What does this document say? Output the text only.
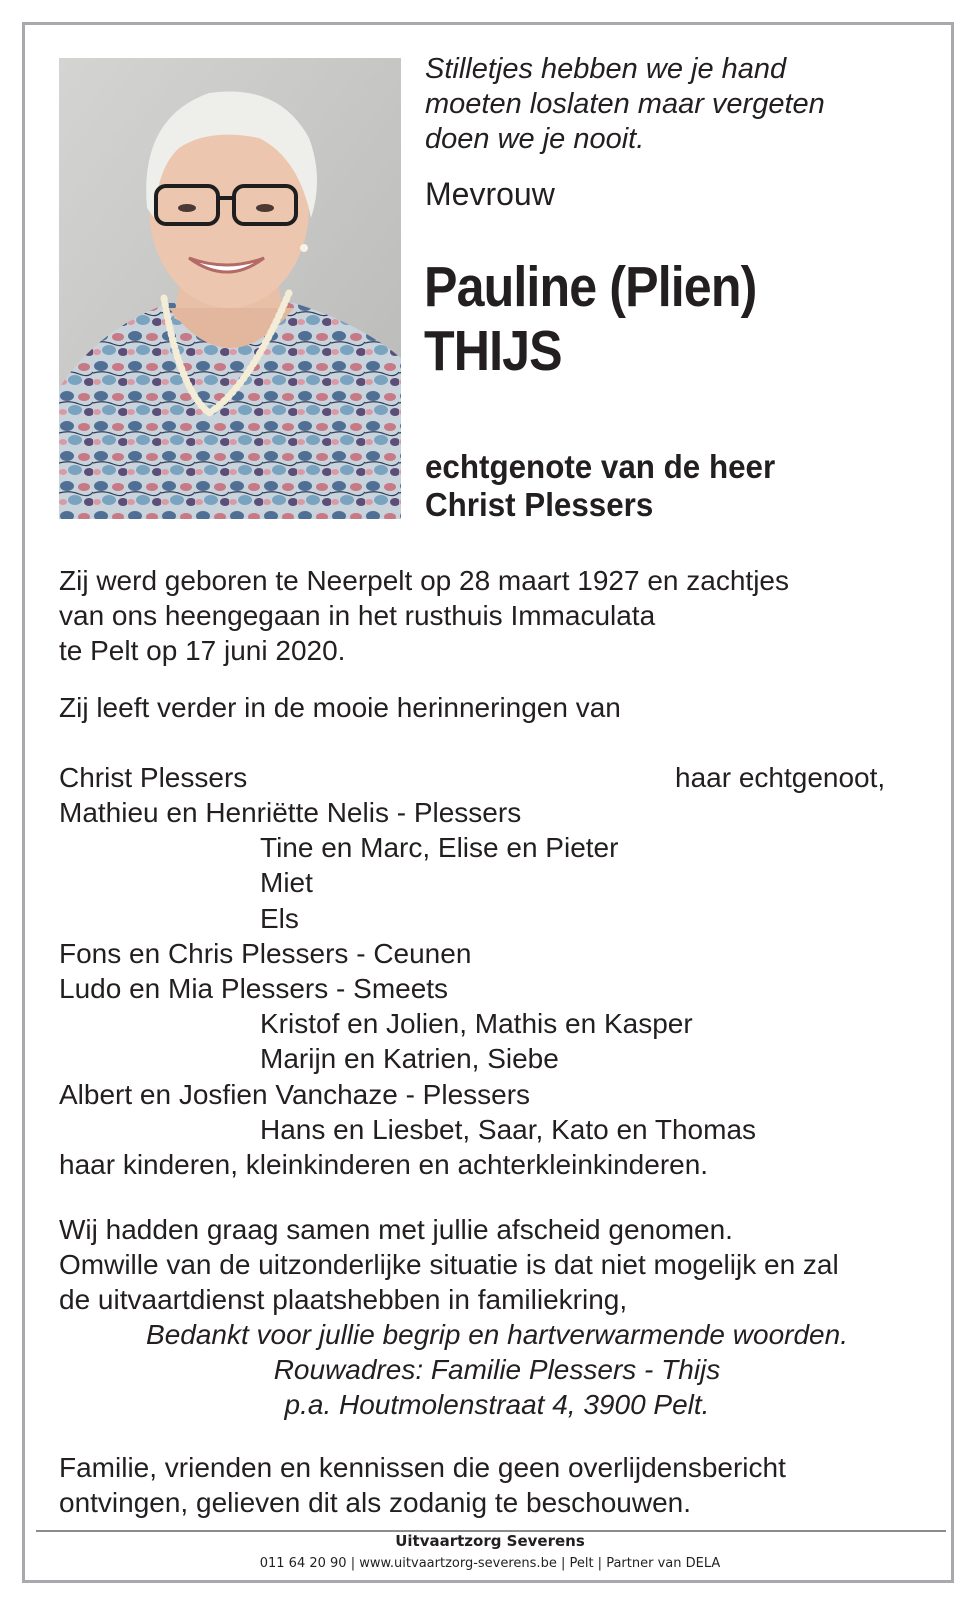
Stilletjes hebben we je hand
moeten loslaten maar vergeten
doen we je nooit.
Mevrouw
Pauline (Plien)
THIJS
echtgenote van de heer
Christ Plessers
Zij werd geboren te Neerpelt op 28 maart 1927 en zachtjes
van ons heengegaan in het rusthuis Immaculata
te Pelt op 17 juni 2020.
Zij leeft verder in de mooie herinneringen van
Christ Plessers	haar echtgenoot,
Mathieu en Henriëtte Nelis - Plessers
Tine en Marc, Elise en Pieter
Miet
Els
Fons en Chris Plessers - Ceunen
Ludo en Mia Plessers - Smeets
Kristof en Jolien, Mathis en Kasper
Marijn en Katrien, Siebe
Albert en Josfien Vanchaze - Plessers
Hans en Liesbet, Saar, Kato en Thomas
haar kinderen, kleinkinderen en achterkleinkinderen.
Wij hadden graag samen met jullie afscheid genomen.
Omwille van de uitzonderlijke situatie is dat niet mogelijk en zal
de uitvaartdienst plaatshebben in familiekring,
Bedankt voor jullie begrip en hartverwarmende woorden.
Rouwadres: Familie Plessers - Thijs
p.a. Houtmolenstraat 4, 3900 Pelt.
Familie, vrienden en kennissen die geen overlijdensbericht
ontvingen, gelieven dit als zodanig te beschouwen.
Uitvaartzorg Severens
011 64 20 90 | www.uitvaartzorg-severens.be | Pelt | Partner van DELA
